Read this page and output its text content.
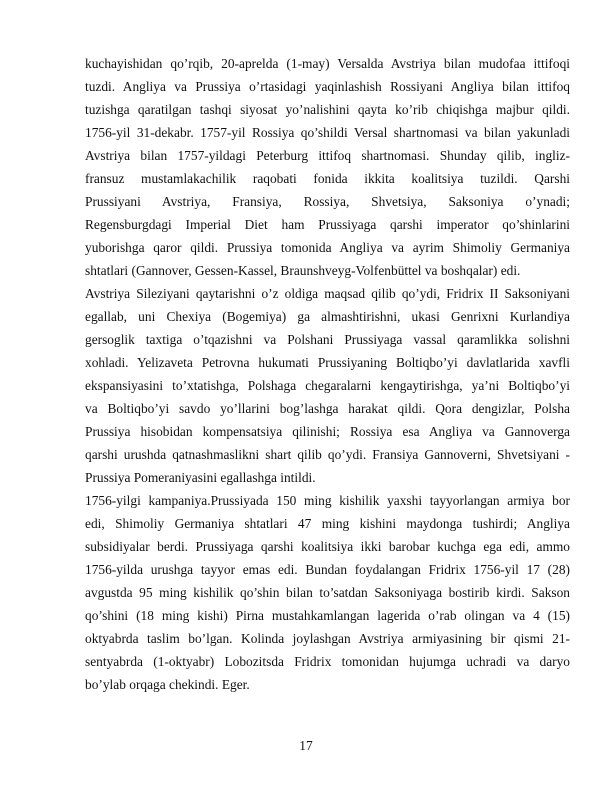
kuchayishidan qo’rqib, 20-aprelda (1-may) Versalda Avstriya bilan mudofaa ittifoqi
tuzdi. Angliya va Prussiya o’rtasidagi yaqinlashish Rossiyani Angliya bilan ittifoq
tuzishga qaratilgan tashqi siyosat yo’nalishini qayta ko’rib chiqishga majbur qildi.
1756-yil 31-dekabr. 1757-yil Rossiya qo’shildi Versal shartnomasi va bilan yakunladi
Avstriya bilan 1757-yildagi Peterburg ittifoq shartnomasi. Shunday qilib, ingliz-
fransuz mustamlakachilik raqobati fonida ikkita koalitsiya tuzildi. Qarshi
Prussiyani Avstriya, Fransiya, Rossiya, Shvetsiya, Saksoniya o’ynadi;
Regensburgdagi Imperial Diet ham Prussiyaga qarshi imperator qo’shinlarini
yuborishga qaror qildi. Prussiya tomonida Angliya va ayrim Shimoliy Germaniya
shtatlari (Gannover, Gessen-Kassel, Braunshveyg-Volfenbüttel va boshqalar) edi.
Avstriya Sileziyani qaytarishni o’z oldiga maqsad qilib qo’ydi, Fridrix II Saksoniyani
egallab, uni Chexiya (Bogemiya) ga almashtirishni, ukasi Genrixni Kurlandiya
gersoglik taxtiga o’tqazishni va Polshani Prussiyaga vassal qaramlikka solishni
xohladi. Yelizaveta Petrovna hukumati Prussiyaning Boltiqbo’yi davlatlarida xavfli
ekspansiyasini to’xtatishga, Polshaga chegaralarni kengaytirishga, ya’ni Boltiqbo’yi
va Boltiqbo’yi savdo yo’llarini bog’lashga harakat qildi. Qora dengizlar, Polsha
Prussiya hisobidan kompensatsiya qilinishi; Rossiya esa Angliya va Gannoverga
qarshi urushda qatnashmaslikni shart qilib qo’ydi. Fransiya Gannoverni, Shvetsiyani -
Prussiya Pomeraniyasini egallashga intildi.
1756-yilgi kampaniya.Prussiyada 150 ming kishilik yaxshi tayyorlangan armiya bor
edi, Shimoliy Germaniya shtatlari 47 ming kishini maydonga tushirdi; Angliya
subsidiyalar berdi. Prussiyaga qarshi koalitsiya ikki barobar kuchga ega edi, ammo
1756-yilda urushga tayyor emas edi. Bundan foydalangan Fridrix 1756-yil 17 (28)
avgustda 95 ming kishilik qo’shin bilan to’satdan Saksoniyaga bostirib kirdi. Sakson
qo’shini (18 ming kishi) Pirna mustahkamlangan lagerida o’rab olingan va 4 (15)
oktyabrda taslim bo’lgan. Kolinda joylashgan Avstriya armiyasining bir qismi 21-
sentyabrda (1-oktyabr) Lobozitsda Fridrix tomonidan hujumga uchradi va daryo
bo’ylab orqaga chekindi. Eger.
17
